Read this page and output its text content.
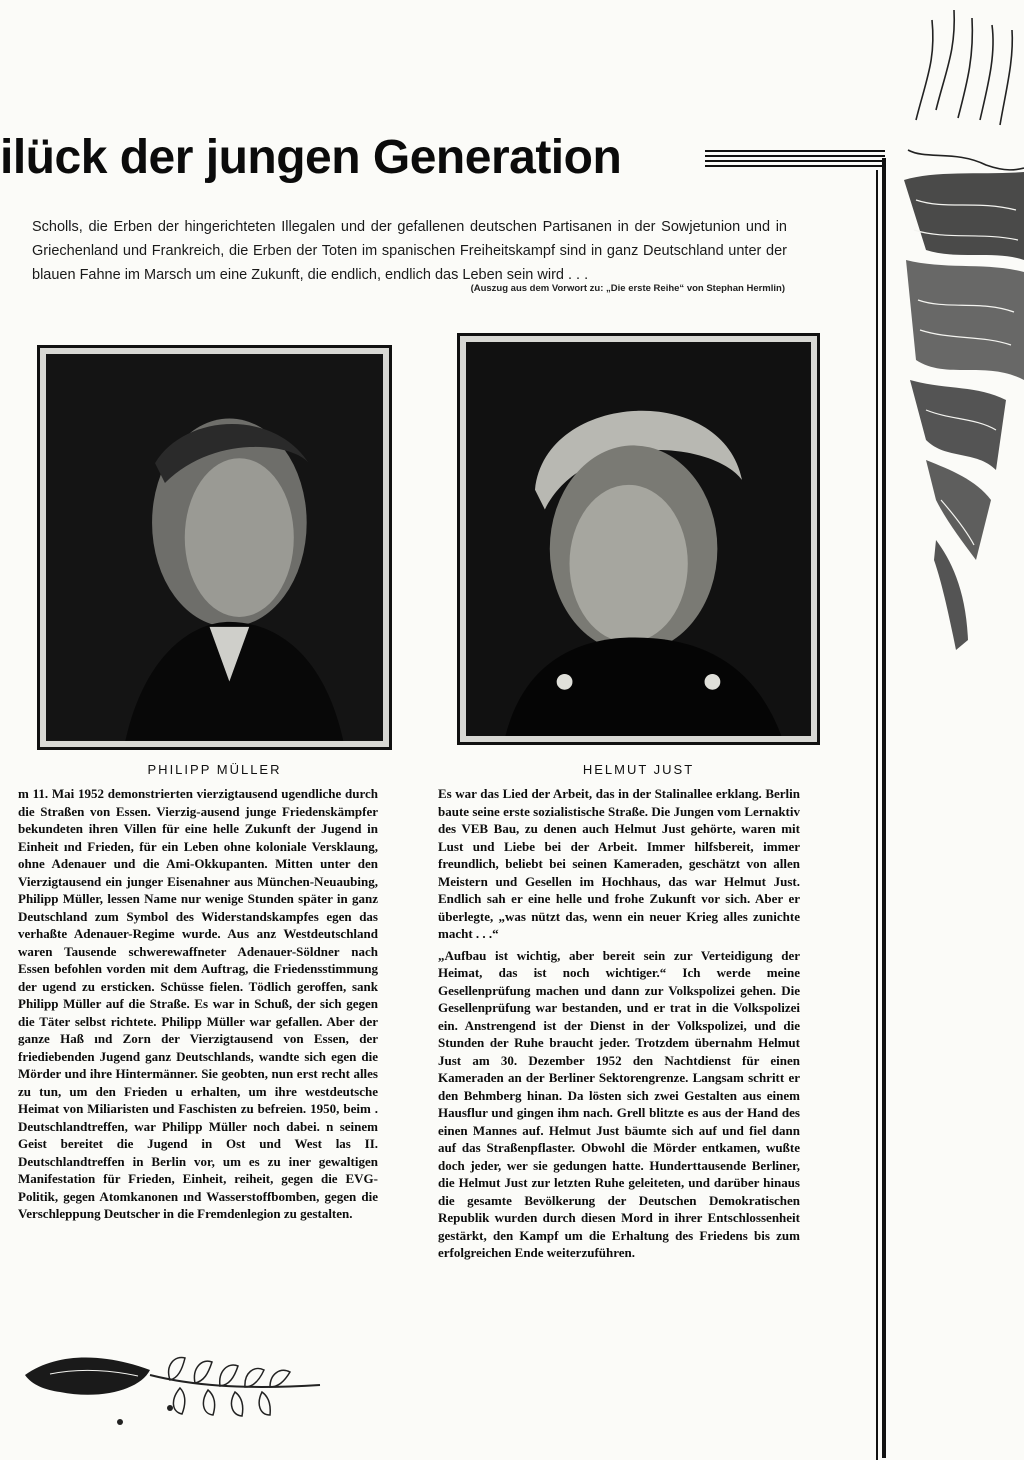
ilück der jungen Generation
Scholls, die Erben der hingerichteten Illegalen und der gefallenen deutschen Partisanen in der Sowjetunion und in Griechenland und Frankreich, die Erben der Toten im spanischen Freiheitskampf sind in ganz Deutschland unter der blauen Fahne im Marsch um eine Zukunft, die endlich, endlich das Leben sein wird . . .
(Auszug aus dem Vorwort zu: „Die erste Reihe“ von Stephan Hermlin)
PHILIPP MÜLLER	HELMUT JUST

m 11. Mai 1952 demonstrierten vierzigtausend ugendliche durch die Straßen von Essen. Vierzig-ausend junge Friedenskämpfer bekundeten ihren Villen für eine helle Zukunft der Jugend in Einheit ınd Frieden, für ein Leben ohne koloniale Versklaung, ohne Adenauer und die Ami-Okkupanten. Mitten unter den Vierzigtausend ein junger Eisenahner aus München-Neuaubing, Philipp Müller, lessen Name nur wenige Stunden später in ganz Deutschland zum Symbol des Widerstandskampfes egen das verhaßte Adenauer-Regime wurde. Aus anz Westdeutschland waren Tausende schwerewaffneter Adenauer-Söldner nach Essen befohlen vorden mit dem Auftrag, die Friedensstimmung der ugend zu ersticken. Schüsse fielen. Tödlich geroffen, sank Philipp Müller auf die Straße. Es war in Schuß, der sich gegen die Täter selbst richtete. Philipp Müller war gefallen. Aber der ganze Haß ınd Zorn der Vierzigtausend von Essen, der friediebenden Jugend ganz Deutschlands, wandte sich egen die Mörder und ihre Hintermänner. Sie geobten, nun erst recht alles zu tun, um den Frieden u erhalten, um ihre westdeutsche Heimat von Miliaristen und Faschisten zu befreien. 1950, beim . Deutschlandtreffen, war Philipp Müller noch dabei. n seinem Geist bereitet die Jugend in Ost und West las II. Deutschlandtreffen in Berlin vor, um es zu iner gewaltigen Manifestation für Frieden, Einheit, reiheit, gegen die EVG-Politik, gegen Atomkanonen ınd Wasserstoffbomben, gegen die Verschleppung Deutscher in die Fremdenlegion zu gestalten.

Es war das Lied der Arbeit, das in der Stalinallee erklang. Berlin baute seine erste sozialistische Straße. Die Jungen vom Lernaktiv des VEB Bau, zu denen auch Helmut Just gehörte, waren mit Lust und Liebe bei der Arbeit. Immer hilfsbereit, immer freundlich, beliebt bei seinen Kameraden, geschätzt von allen Meistern und Gesellen im Hochhaus, das war Helmut Just. Endlich sah er eine helle und frohe Zukunft vor sich. Aber er überlegte, „was nützt das, wenn ein neuer Krieg alles zunichte macht . . .“

„Aufbau ist wichtig, aber bereit sein zur Verteidigung der Heimat, das ist noch wichtiger.“ Ich werde meine Gesellenprüfung machen und dann zur Volkspolizei gehen. Die Gesellenprüfung war bestanden, und er trat in die Volkspolizei ein. Anstrengend ist der Dienst in der Volkspolizei, und die Stunden der Ruhe braucht jeder. Trotzdem übernahm Helmut Just am 30. Dezember 1952 den Nachtdienst für einen Kameraden an der Berliner Sektorengrenze. Langsam schritt er den Behmberg hinan. Da lösten sich zwei Gestalten aus einem Hausflur und gingen ihm nach. Grell blitzte es aus der Hand des einen Mannes auf. Helmut Just bäumte sich auf und fiel dann auf das Straßenpflaster. Obwohl die Mörder entkamen, wußte doch jeder, wer sie gedungen hatte. Hunderttausende Berliner, die Helmut Just zur letzten Ruhe geleiteten, und darüber hinaus die gesamte Bevölkerung der Deutschen Demokratischen Republik wurden durch diesen Mord in ihrer Entschlossenheit gestärkt, den Kampf um die Erhaltung des Friedens bis zum erfolgreichen Ende weiterzuführen.
